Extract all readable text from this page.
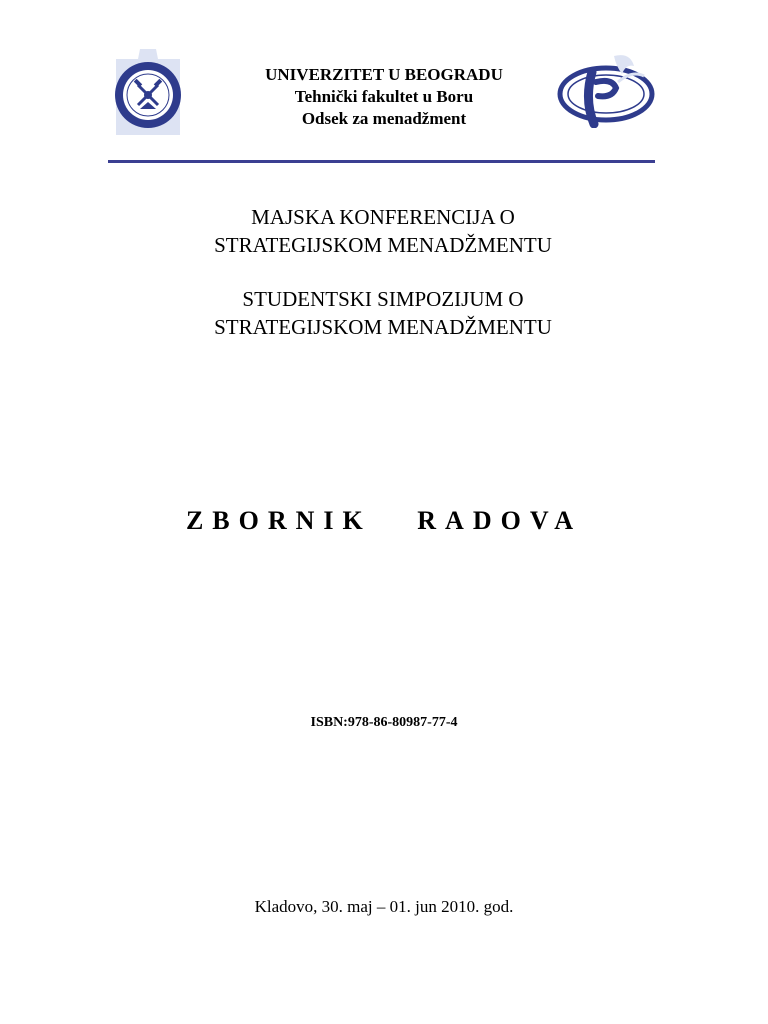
UNIVERZITET U BEOGRADU
Tehnički fakultet u Boru
Odsek za menadžment
MAJSKA KONFERENCIJA O
STRATEGIJSKOM MENADŽMENTU
STUDENTSKI SIMPOZIJUM O
STRATEGIJSKOM MENADŽMENTU
ZBORNIK RADOVA
ISBN:978-86-80987-77-4
Kladovo, 30. maj – 01. jun 2010. god.
